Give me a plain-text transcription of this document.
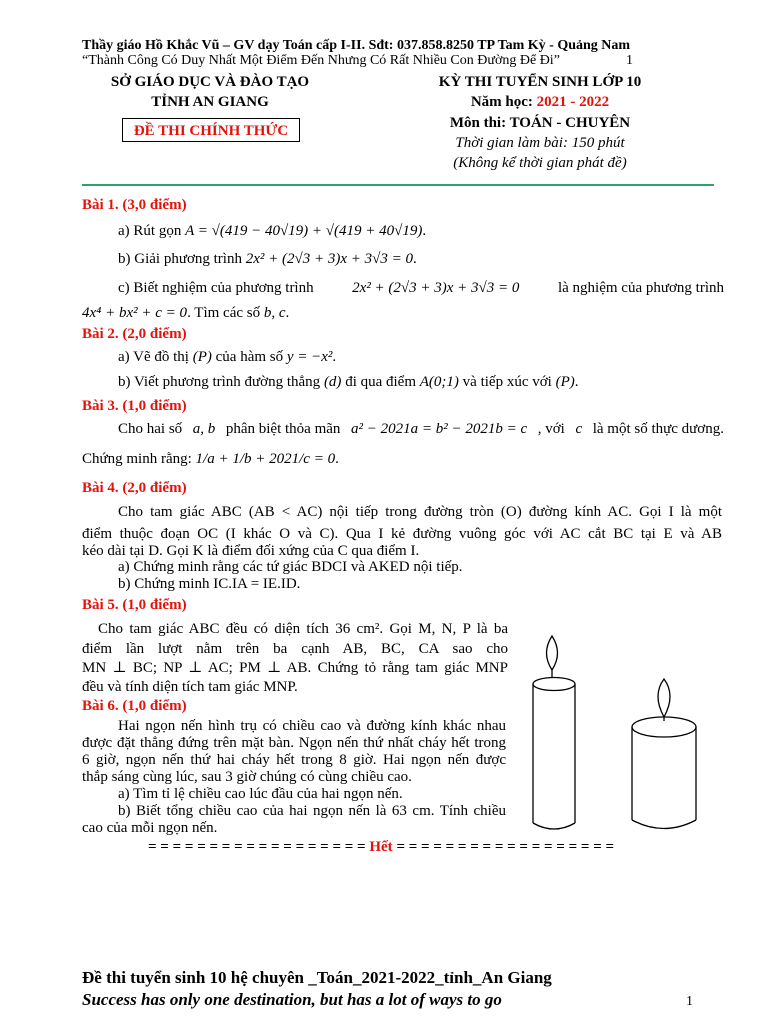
Thầy giáo Hồ Khắc Vũ – GV dạy Toán cấp I-II. Sđt: 037.858.8250 TP Tam Kỳ - Quảng Nam
“Thành Công Có Duy Nhất Một Điểm Đến Nhưng Có Rất Nhiều Con Đường Để Đi”	1
SỞ GIÁO DỤC VÀ ĐÀO TẠO
TỈNH AN GIANG
ĐỀ THI CHÍNH THỨC
KỲ THI TUYỂN SINH LỚP 10
Năm học: 2021 - 2022
Môn thi: TOÁN - CHUYÊN
Thời gian làm bài: 150 phút
(Không kể thời gian phát đề)
Bài 1. (3,0 điểm)
a) Rút gọn A = √(419 − 40√19) + √(419 + 40√19).
b) Giải phương trình 2x² + (2√3 + 3)x + 3√3 = 0.
c) Biết nghiệm của phương trình	2x² + (2√3 + 3)x + 3√3 = 0	là nghiệm của phương trình
4x⁴ + bx² + c = 0. Tìm các số b, c.
Bài 2. (2,0 điểm)
a) Vẽ đồ thị (P) của hàm số y = −x².
b) Viết phương trình đường thẳng (d) đi qua điểm A(0;1) và tiếp xúc với (P).
Bài 3. (1,0 điểm)
Cho hai số a, b phân biệt thỏa mãn a² − 2021a = b² − 2021b = c , với c là một số thực dương.
Chứng minh rằng: 1/a + 1/b + 2021/c = 0.
Bài 4. (2,0 điểm)
Cho tam giác ABC (AB < AC) nội tiếp trong đường tròn (O) đường kính AC. Gọi I là một
điểm thuộc đoạn OC (I khác O và C). Qua I kẻ đường vuông góc với AC cắt BC tại E và AB
kéo dài tại D. Gọi K là điểm đối xứng của C qua điểm I.
a) Chứng minh rằng các tứ giác BDCI và AKED nội tiếp.
b) Chứng minh IC.IA = IE.ID.
Bài 5. (1,0 điểm)
Cho tam giác ABC đều có diện tích 36 cm². Gọi M, N, P là ba
điểm lần lượt nằm trên ba cạnh AB, BC, CA sao cho
MN ⊥ BC; NP ⊥ AC; PM ⊥ AB. Chứng tỏ rằng tam giác MNP
đều và tính diện tích tam giác MNP.
Bài 6. (1,0 điểm)
Hai ngọn nến hình trụ có chiều cao và đường kính khác nhau
được đặt thẳng đứng trên mặt bàn. Ngọn nến thứ nhất cháy hết trong
6 giờ, ngọn nến thứ hai cháy hết trong 8 giờ. Hai ngọn nến được
thắp sáng cùng lúc, sau 3 giờ chúng có cùng chiều cao.
a) Tìm tỉ lệ chiều cao lúc đầu của hai ngọn nến.
b) Biết tổng chiều cao của hai ngọn nến là 63 cm. Tính chiều
cao của mỗi ngọn nến.
= = = = = = = = = = = = = = = = = = Hết = = = = = = = = = = = = = = = = = =
Đề thi tuyển sinh 10 hệ chuyên _Toán_2021-2022_tỉnh_An Giang
Success has only one destination, but has a lot of ways to go	1
